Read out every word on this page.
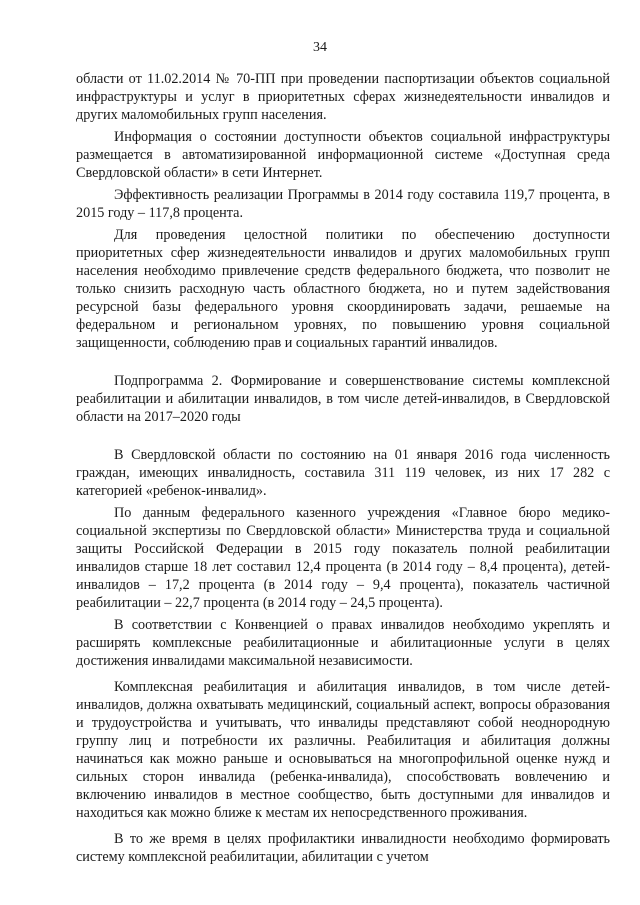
34

области от 11.02.2014 № 70-ПП при проведении паспортизации объектов социальной инфраструктуры и услуг в приоритетных сферах жизнедеятельности инвалидов и других маломобильных групп населения.

Информация о состоянии доступности объектов социальной инфраструктуры размещается в автоматизированной информационной системе «Доступная среда Свердловской области» в сети Интернет.

Эффективность реализации Программы в 2014 году составила 119,7 процента, в 2015 году – 117,8 процента.

Для проведения целостной политики по обеспечению доступности приоритетных сфер жизнедеятельности инвалидов и других маломобильных групп населения необходимо привлечение средств федерального бюджета, что позволит не только снизить расходную часть областного бюджета, но и путем задействования ресурсной базы федерального уровня скоординировать задачи, решаемые на федеральном и региональном уровнях, по повышению уровня социальной защищенности, соблюдению прав и социальных гарантий инвалидов.

Подпрограмма 2. Формирование и совершенствование системы комплексной реабилитации и абилитации инвалидов, в том числе детей-инвалидов, в Свердловской области на 2017–2020 годы

В Свердловской области по состоянию на 01 января 2016 года численность граждан, имеющих инвалидность, составила 311 119 человек, из них 17 282 с категорией «ребенок-инвалид».

По данным федерального казенного учреждения «Главное бюро медико-социальной экспертизы по Свердловской области» Министерства труда и социальной защиты Российской Федерации в 2015 году показатель полной реабилитации инвалидов старше 18 лет составил 12,4 процента (в 2014 году – 8,4 процента), детей-инвалидов – 17,2 процента (в 2014 году – 9,4 процента), показатель частичной реабилитации – 22,7 процента (в 2014 году – 24,5 процента).

В соответствии с Конвенцией о правах инвалидов необходимо укреплять и расширять комплексные реабилитационные и абилитационные услуги в целях достижения инвалидами максимальной независимости.

Комплексная реабилитация и абилитация инвалидов, в том числе детей-инвалидов, должна охватывать медицинский, социальный аспект, вопросы образования и трудоустройства и учитывать, что инвалиды представляют собой неоднородную группу лиц и потребности их различны. Реабилитация и абилитация должны начинаться как можно раньше и основываться на многопрофильной оценке нужд и сильных сторон инвалида (ребенка-инвалида), способствовать вовлечению и включению инвалидов в местное сообщество, быть доступными для инвалидов и находиться как можно ближе к местам их непосредственного проживания.

В то же время в целях профилактики инвалидности необходимо формировать систему комплексной реабилитации, абилитации с учетом
